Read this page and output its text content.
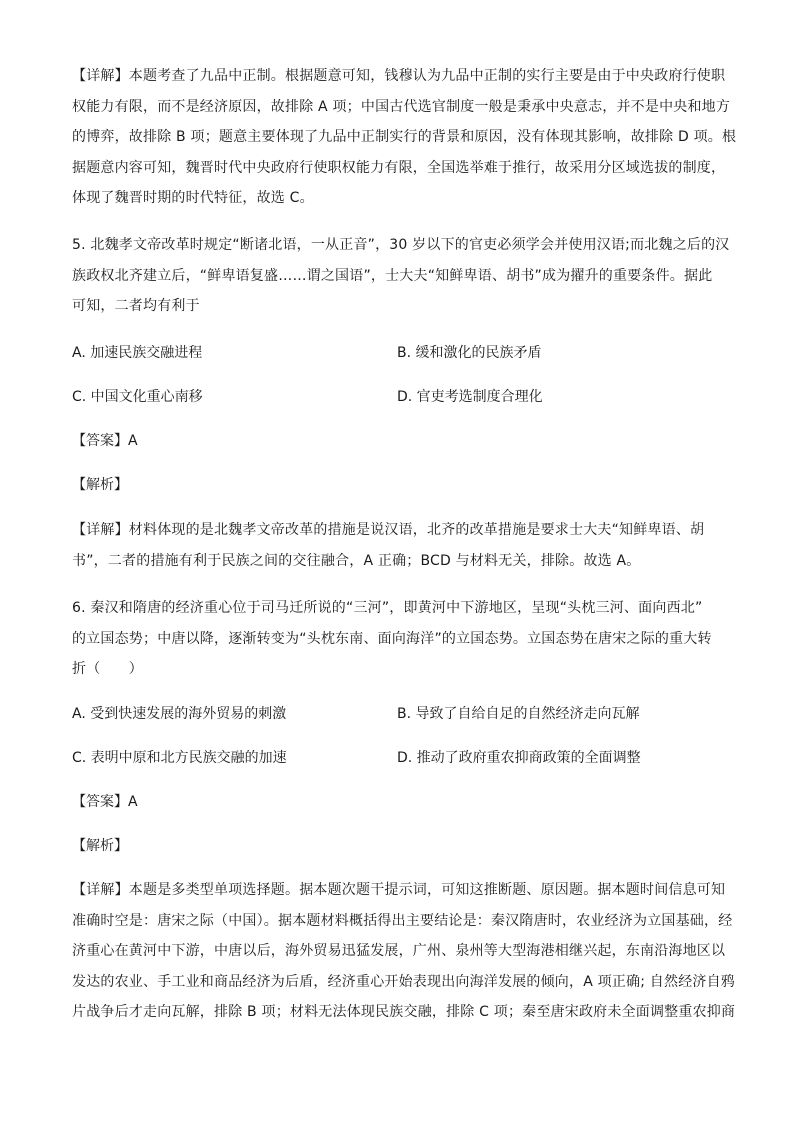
【详解】本题考查了九品中正制。根据题意可知，钱穆认为九品中正制的实行主要是由于中央政府行使职
权能力有限，而不是经济原因，故排除 A 项；中国古代选官制度一般是秉承中央意志，并不是中央和地方
的博弈，故排除 B 项；题意主要体现了九品中正制实行的背景和原因，没有体现其影响，故排除 D 项。根
据题意内容可知，魏晋时代中央政府行使职权能力有限，全国选举难于推行，故采用分区域选拔的制度，
体现了魏晋时期的时代特征，故选 C。
5. 北魏孝文帝改革时规定“断诸北语，一从正音”，30 岁以下的官吏必须学会并使用汉语;而北魏之后的汉
族政权北齐建立后，“鲜卑语复盛……谓之国语”，士大夫“知鲜卑语、胡书”成为擢升的重要条件。据此
可知，二者均有利于
A. 加速民族交融进程	B. 缓和激化的民族矛盾
C. 中国文化重心南移	D. 官吏考选制度合理化
【答案】A
【解析】
【详解】材料体现的是北魏孝文帝改革的措施是说汉语，北齐的改革措施是要求士大夫“知鲜卑语、胡
书”，二者的措施有利于民族之间的交往融合，A 正确；BCD 与材料无关，排除。故选 A。
6. 秦汉和隋唐的经济重心位于司马迁所说的“三河”，即黄河中下游地区，呈现“头枕三河、面向西北”
的立国态势；中唐以降，逐渐转变为“头枕东南、面向海洋”的立国态势。立国态势在唐宋之际的重大转
折（　　）
A. 受到快速发展的海外贸易的刺激	B. 导致了自给自足的自然经济走向瓦解
C. 表明中原和北方民族交融的加速	D. 推动了政府重农抑商政策的全面调整
【答案】A
【解析】
【详解】本题是多类型单项选择题。据本题次题干提示词，可知这推断题、原因题。据本题时间信息可知
准确时空是：唐宋之际（中国）。据本题材料概括得出主要结论是：秦汉隋唐时，农业经济为立国基础，经
济重心在黄河中下游，中唐以后，海外贸易迅猛发展，广州、泉州等大型海港相继兴起，东南沿海地区以
发达的农业、手工业和商品经济为后盾，经济重心开始表现出向海洋发展的倾向，A 项正确; 自然经济自鸦
片战争后才走向瓦解，排除 B 项；材料无法体现民族交融，排除 C 项；秦至唐宋政府未全面调整重农抑商
